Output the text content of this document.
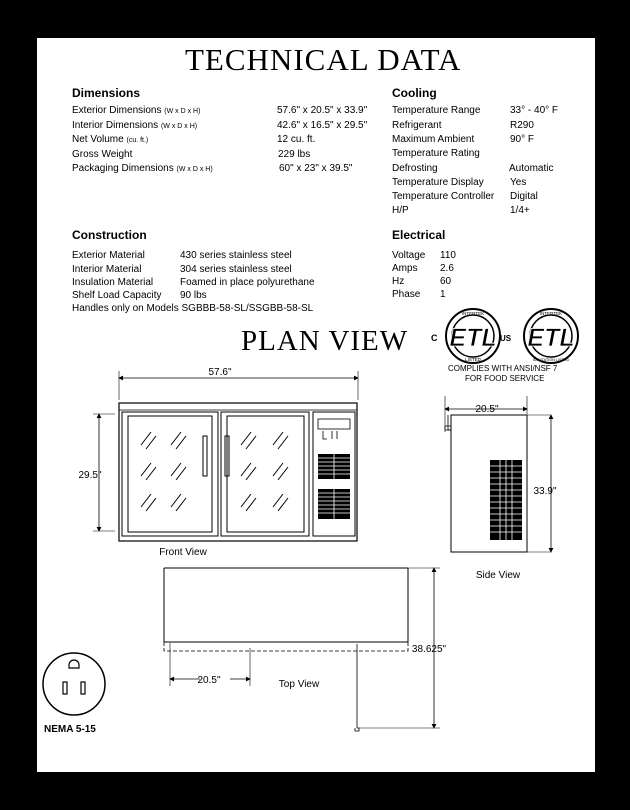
TECHNICAL DATA
Dimensions
Exterior Dimensions (W x D x H)	57.6" x 20.5" x 33.9"
Interior Dimensions (W x D x H)	42.6" x 16.5" x 29.5"
Net Volume (cu. ft.)	12 cu. ft.
Gross Weight	229 lbs
Packaging Dimensions (W x D x H)	60" x 23" x 39.5"
Cooling
Temperature Range	33° - 40° F
Refrigerant	R290
Maximum Ambient	90° F
Temperature Rating
Defrosting	Automatic
Temperature Display	Yes
Temperature Controller Digital
H/P	1/4+
Construction
Exterior Material	430 series stainless steel
Interior Material	304 series stainless steel
Insulation Material	Foamed in place polyurethane
Shelf Load Capacity 90 lbs
Handles only on Models SGBBB-58-SL/SSGBB-58-SL
Electrical
Voltage 110
Amps 2.6
Hz	60
Phase 1
INTERTEK
LISTED
ETL
C	US
INTERTEK
SANITATION LISTED
ETL
COMPLIES WITH ANSI/NSF 7
FOR FOOD SERVICE
PLAN VIEW
57.6"
29.5"
Front View
20.5"
33.9"
Side View
20.5"
38.625"
Top View
NEMA 5-15
